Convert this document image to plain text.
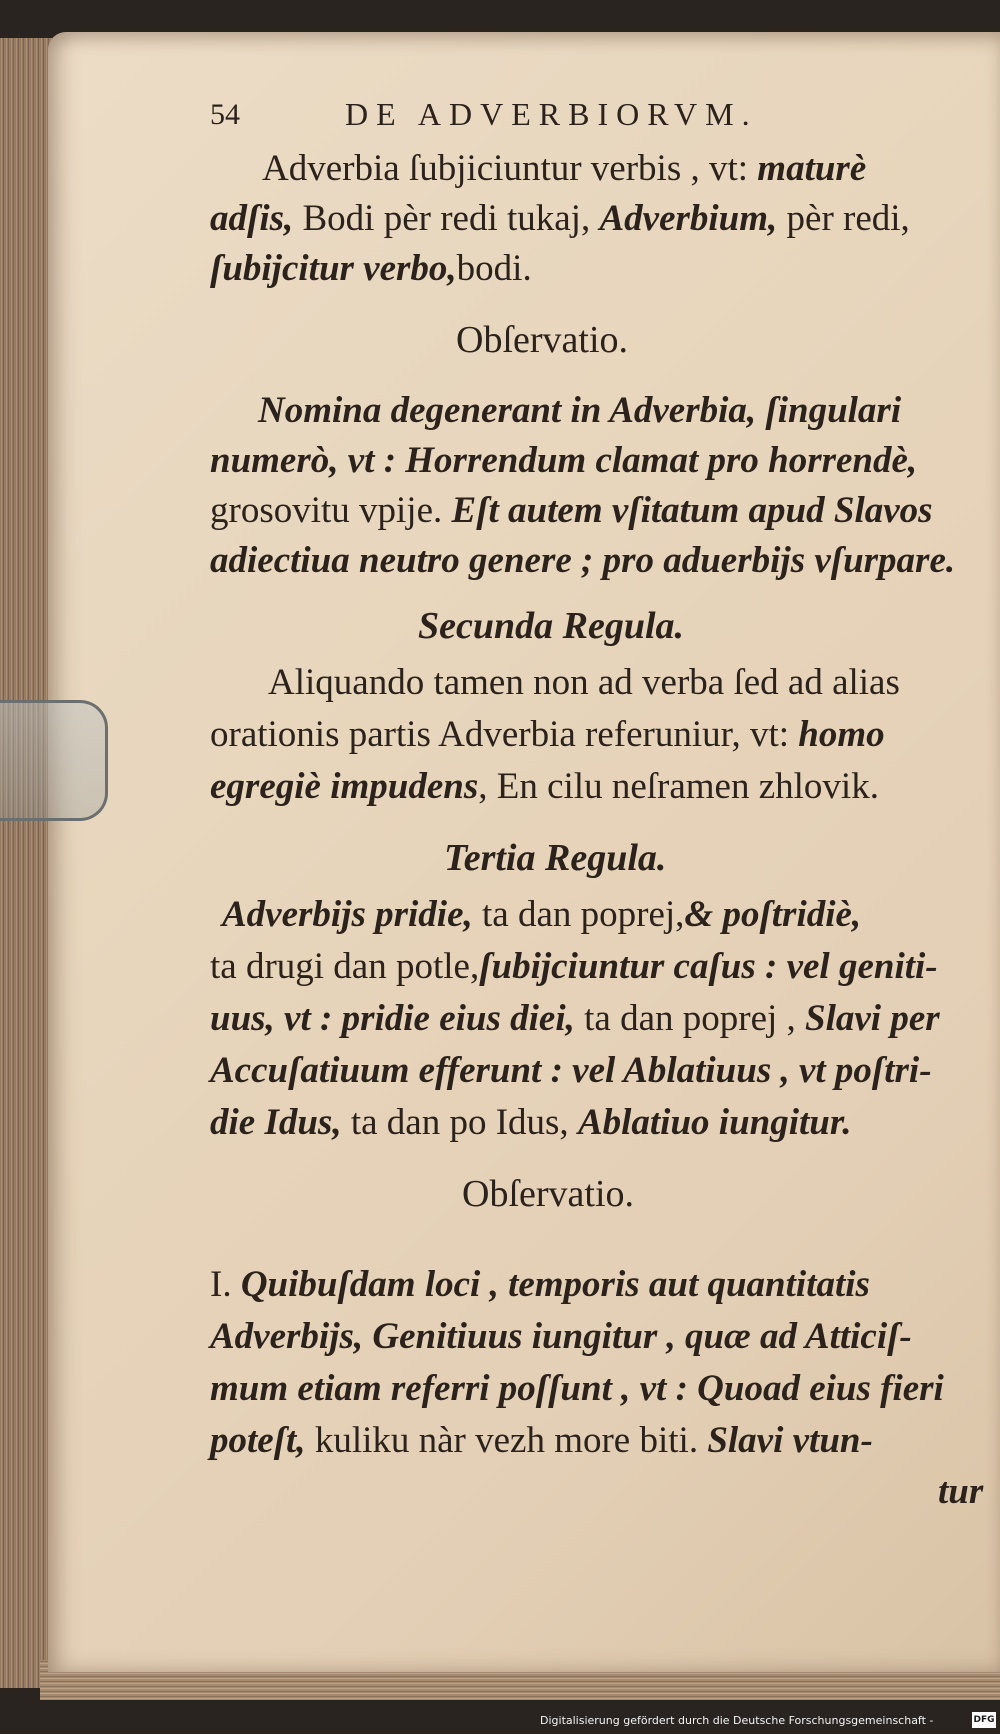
54	DE ADVERBIORVM.
Adverbia ſubjiciuntur verbis , vt: maturè
adſis, Bodi pèr redi tukaj, Adverbium, pèr redi,
ſubijcitur verbo,bodi.
Obſervatio.
Nomina degenerant in Adverbia, ſingulari
numerò, vt : Horrendum clamat pro horrendè,
grosovitu vpije. Eſt autem vſitatum apud Slavos
adiectiua neutro genere ; pro aduerbijs vſurpare.
Secunda Regula.
Aliquando tamen non ad verba ſed ad alias
orationis partis Adverbia referuniur, vt: homo
egregiè impudens, En cilu neſramen zhlovik.
Tertia Regula.
Adverbijs pridie, ta dan poprej,& poſtridiè,
ta drugi dan potle,ſubijciuntur caſus : vel geniti-
uus, vt : pridie eius diei, ta dan poprej , Slavi per
Accuſatiuum efferunt : vel Ablatiuus , vt poſtri-
die Idus, ta dan po Idus, Ablatiuo iungitur.
Obſervatio.
I. Quibuſdam loci , temporis aut quantitatis
Adverbijs, Genitiuus iungitur , quæ ad Atticiſ-
mum etiam referri poſſunt , vt : Quoad eius fieri
poteſt, kuliku nàr vezh more biti. Slavi vtun-
tur
Digitalisierung gefördert durch die Deutsche Forschungsgemeinschaft -	DFG
